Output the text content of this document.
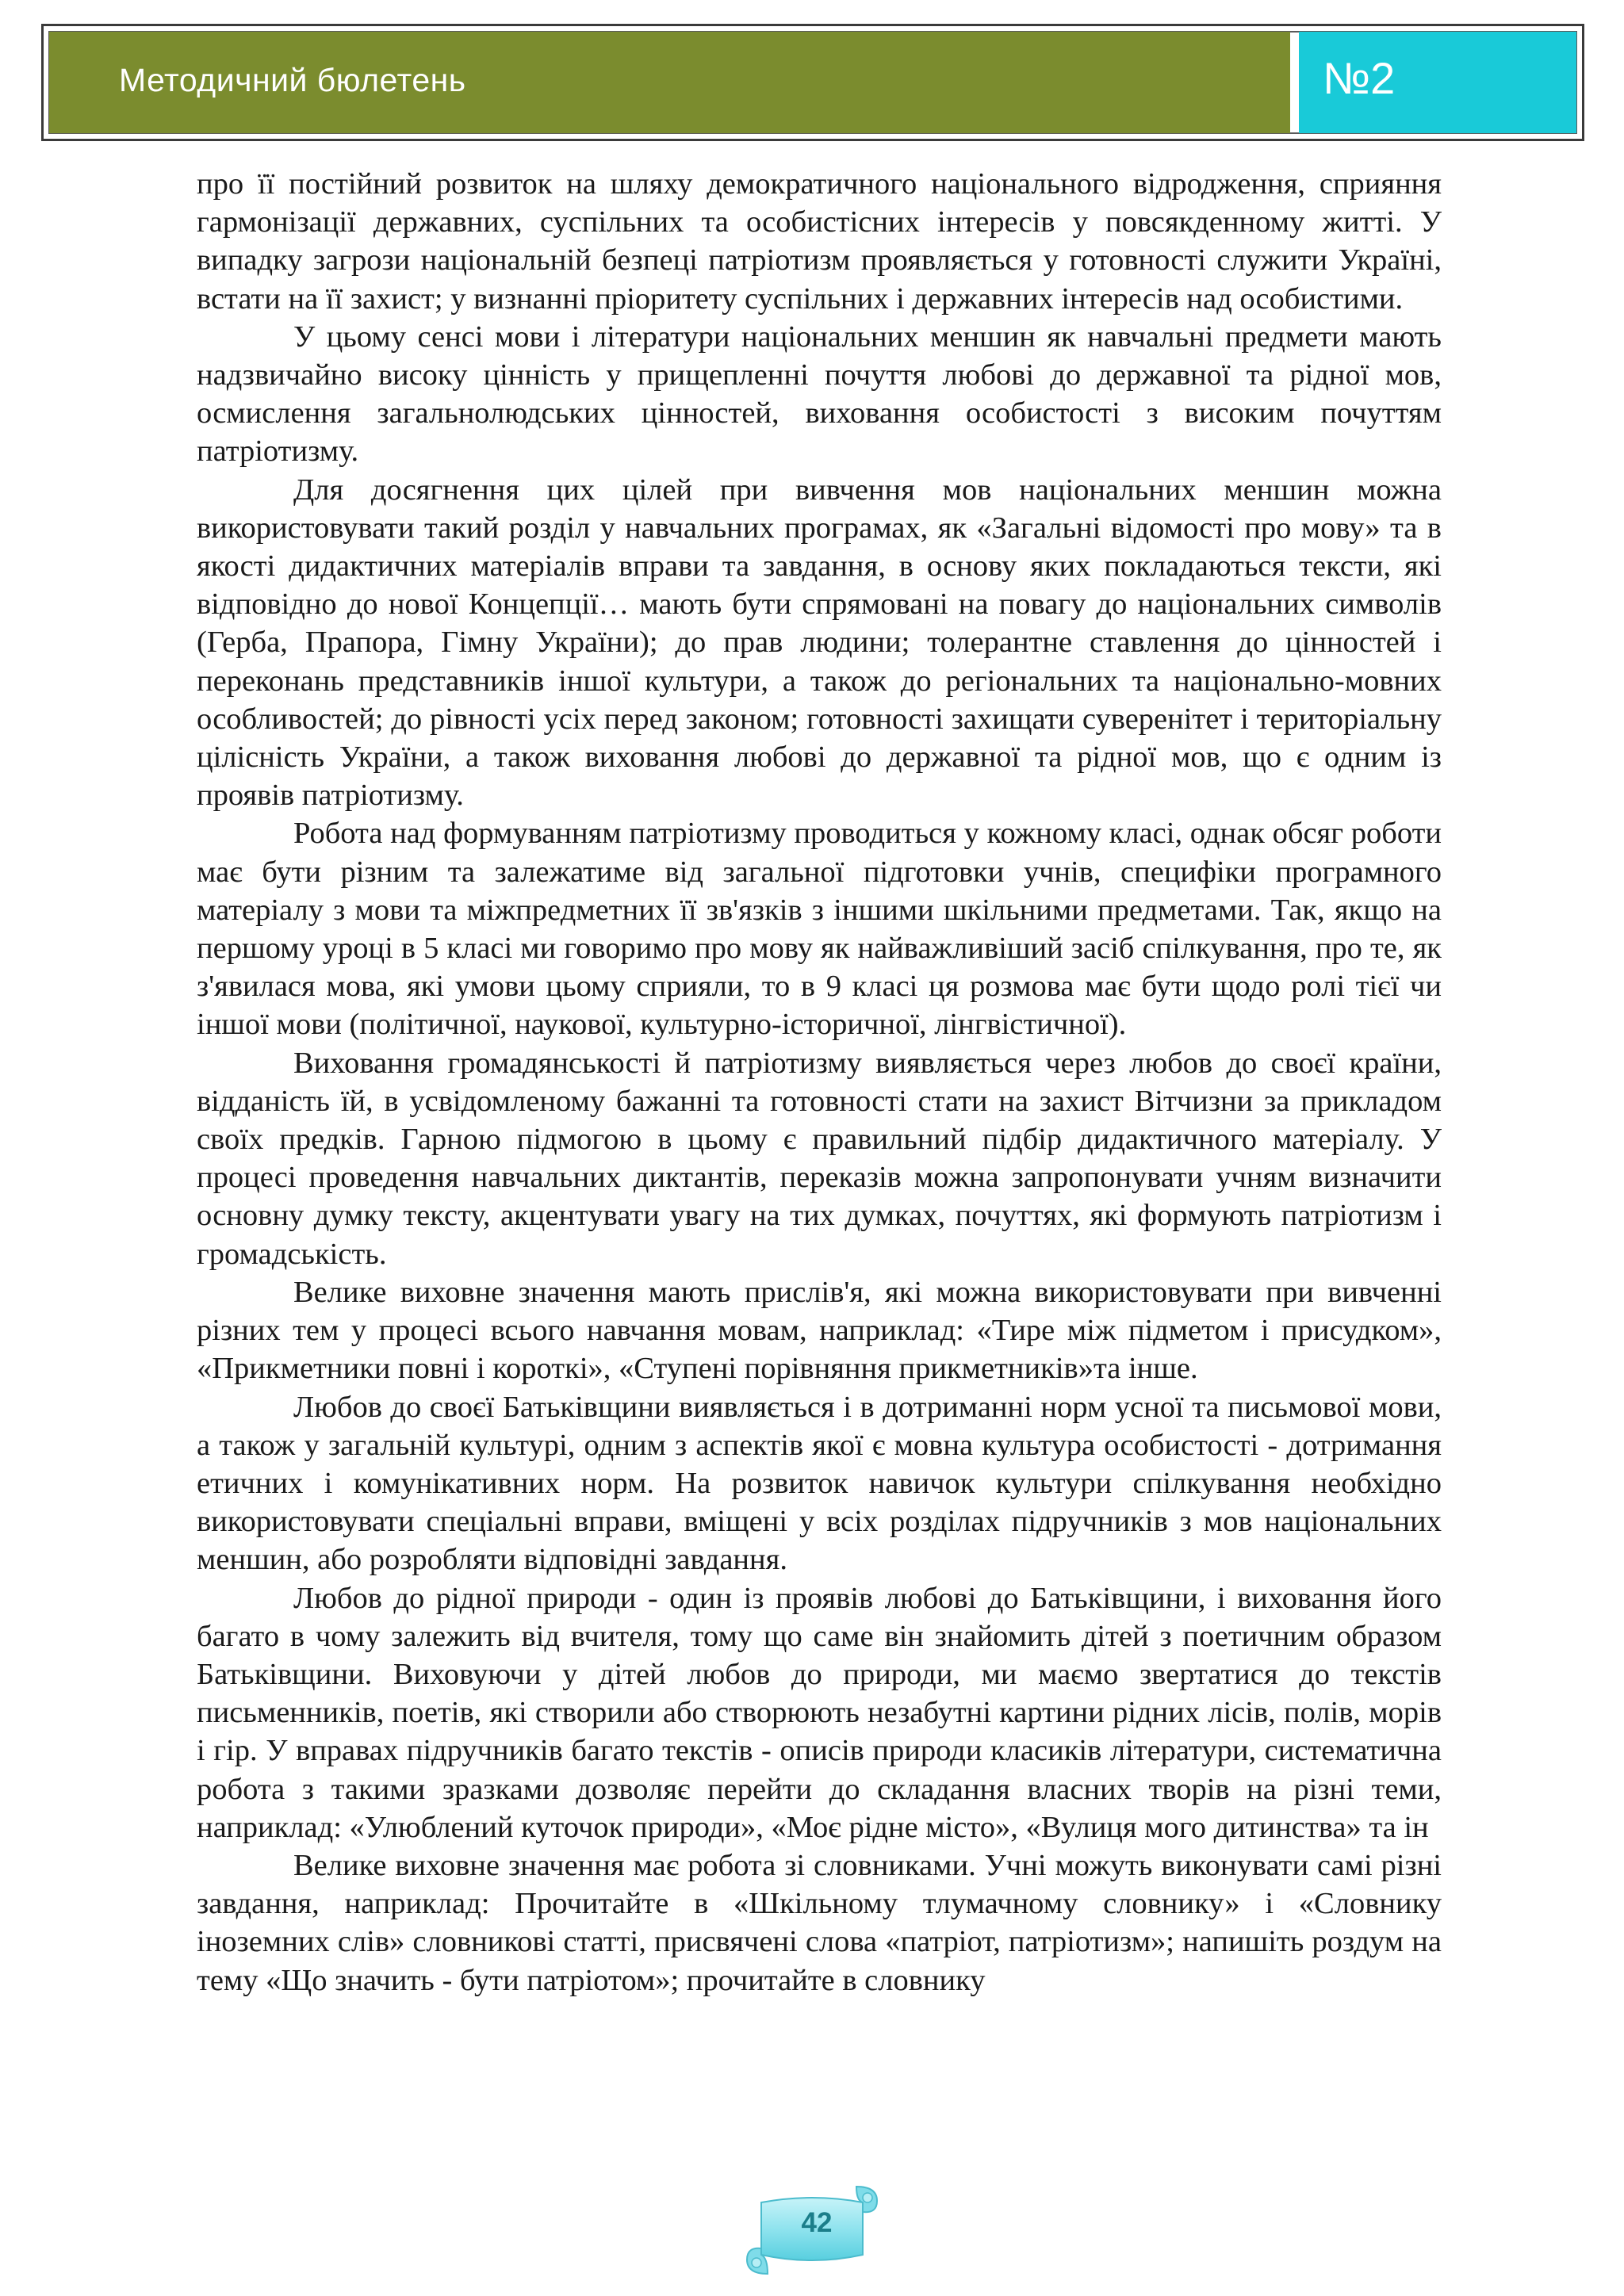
Методичний бюлетень	№2

про її постійний розвиток на шляху демократичного національного відродження, сприяння гармонізації державних, суспільних та особистісних інтересів у повсякденному житті. У випадку загрози національній безпеці патріотизм проявляється у готовності служити Україні, встати на її захист; у визнанні пріоритету суспільних і державних інтересів над особистими.

У цьому сенсі мови і літератури національних меншин як навчальні предмети мають надзвичайно високу цінність у прищепленні почуття любові до державної та рідної мов, осмислення загальнолюдських цінностей, виховання особистості з високим почуттям патріотизму.

Для досягнення цих цілей при вивчення мов національних меншин можна використовувати такий розділ у навчальних програмах, як «Загальні відомості про мову» та в якості дидактичних матеріалів вправи та завдання, в основу яких покладаються тексти, які відповідно до нової Концепції… мають бути спрямовані на повагу до національних символів (Герба, Прапора, Гімну України); до прав людини; толерантне ставлення до цінностей і переконань представників іншої культури, а також до регіональних та національно-мовних особливостей; до рівності усіх перед законом; готовності захищати суверенітет і територіальну цілісність України, а також виховання любові до державної та рідної мов, що є одним із проявів патріотизму.

Робота над формуванням патріотизму проводиться у кожному класі, однак обсяг роботи має бути різним та залежатиме від загальної підготовки учнів, специфіки програмного матеріалу з мови та міжпредметних її зв'язків з іншими шкільними предметами. Так, якщо на першому уроці в 5 класі ми говоримо про мову як найважливіший засіб спілкування, про те, як з'явилася мова, які умови цьому сприяли, то в 9 класі ця розмова має бути щодо ролі тієї чи іншої мови (політичної, наукової, культурно-історичної, лінгвістичної).

Виховання громадянськості й патріотизму виявляється через любов до своєї країни, відданість їй, в усвідомленому бажанні та готовності стати на захист Вітчизни за прикладом своїх предків. Гарною підмогою в цьому є правильний підбір дидактичного матеріалу. У процесі проведення навчальних диктантів, переказів можна запропонувати учням визначити основну думку тексту, акцентувати увагу на тих думках, почуттях, які формують патріотизм і громадськість.

Велике виховне значення мають прислів'я, які можна використовувати при вивченні різних тем у процесі всього навчання мовам, наприклад: «Тире між підметом і присудком», «Прикметники повні і короткі», «Ступені порівняння прикметників»та інше.

Любов до своєї Батьківщини виявляється і в дотриманні норм усної та письмової мови, а також у загальній культурі, одним з аспектів якої є мовна культура особистості - дотримання етичних і комунікативних норм. На розвиток навичок культури спілкування необхідно використовувати спеціальні вправи, вміщені у всіх розділах підручників з мов національних меншин, або розробляти відповідні завдання.

Любов до рідної природи - один із проявів любові до Батьківщини, і виховання його багато в чому залежить від вчителя, тому що саме він знайомить дітей з поетичним образом Батьківщини. Виховуючи у дітей любов до природи, ми маємо звертатися до текстів письменників, поетів, які створили або створюють незабутні картини рідних лісів, полів, морів і гір. У вправах підручників багато текстів - описів природи класиків літератури, систематична робота з такими зразками дозволяє перейти до складання власних творів на різні теми, наприклад: «Улюблений куточок природи», «Моє рідне місто», «Вулиця мого дитинства» та ін

Велике виховне значення має робота зі словниками. Учні можуть виконувати самі різні завдання, наприклад: Прочитайте в «Шкільному тлумачному словнику» і «Словнику іноземних слів» словникові статті, присвячені слова «патріот, патріотизм»; напишіть роздум на тему «Що значить - бути патріотом»; прочитайте в словнику

42
